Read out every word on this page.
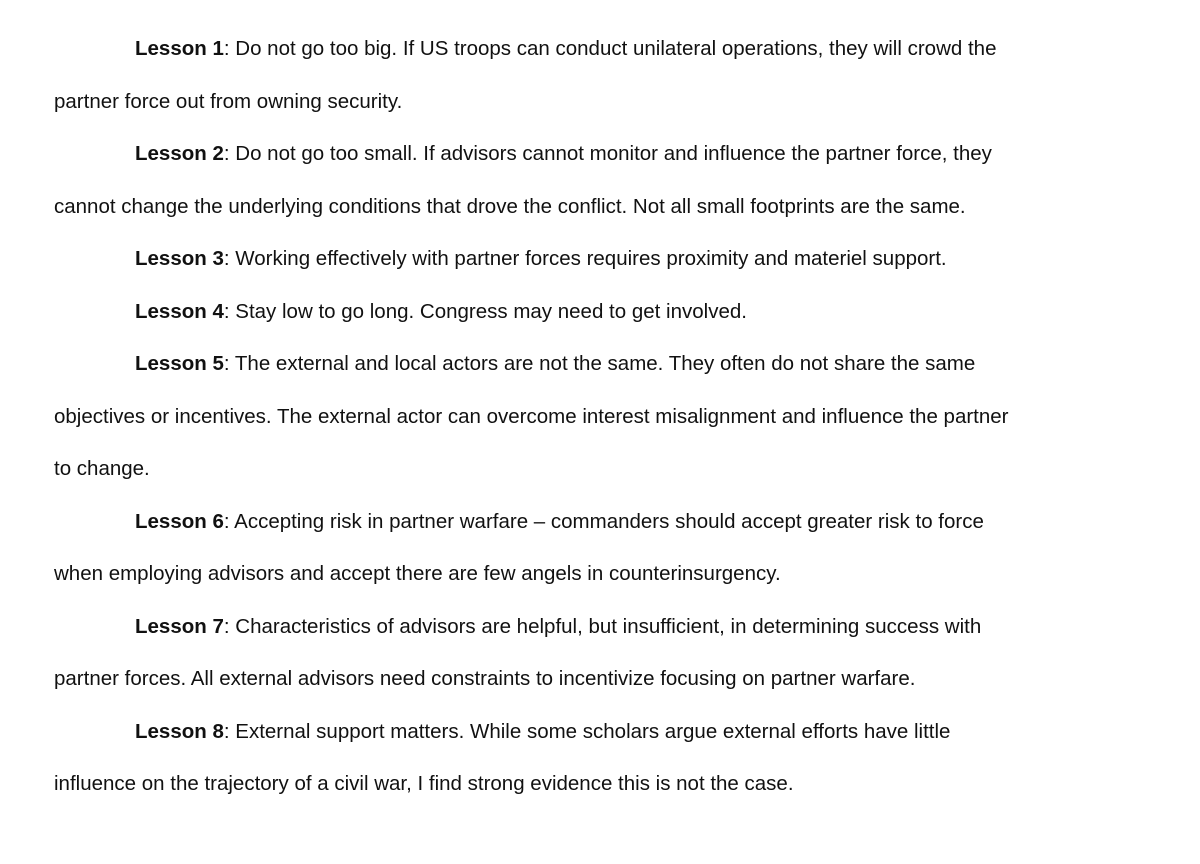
Lesson 1: Do not go too big. If US troops can conduct unilateral operations, they will crowd the
partner force out from owning security.

Lesson 2: Do not go too small. If advisors cannot monitor and influence the partner force, they
cannot change the underlying conditions that drove the conflict. Not all small footprints are the same.

Lesson 3: Working effectively with partner forces requires proximity and materiel support.

Lesson 4: Stay low to go long. Congress may need to get involved.

Lesson 5: The external and local actors are not the same. They often do not share the same
objectives or incentives. The external actor can overcome interest misalignment and influence the partner
to change.

Lesson 6: Accepting risk in partner warfare – commanders should accept greater risk to force
when employing advisors and accept there are few angels in counterinsurgency.

Lesson 7: Characteristics of advisors are helpful, but insufficient, in determining success with
partner forces. All external advisors need constraints to incentivize focusing on partner warfare.

Lesson 8: External support matters. While some scholars argue external efforts have little
influence on the trajectory of a civil war, I find strong evidence this is not the case.
